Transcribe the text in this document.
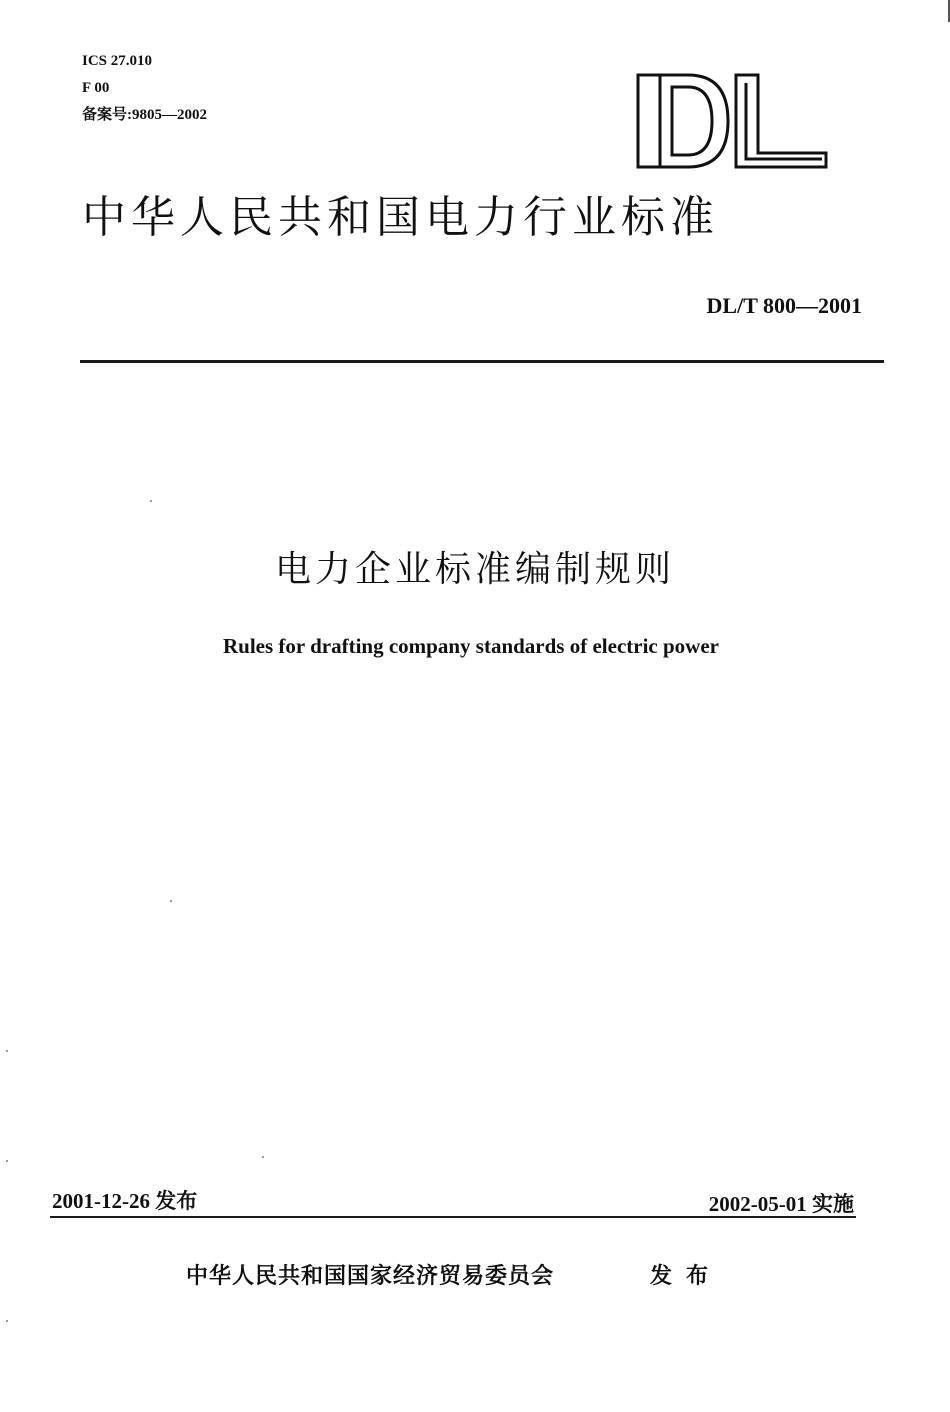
ICS 27.010
F 00
备案号:9805—2002
中华人民共和国电力行业标准
DL/T 800—2001
电力企业标准编制规则
Rules for drafting company standards of electric power
2001-12-26 发布	2002-05-01 实施
中华人民共和国国家经济贸易委员会	发布
